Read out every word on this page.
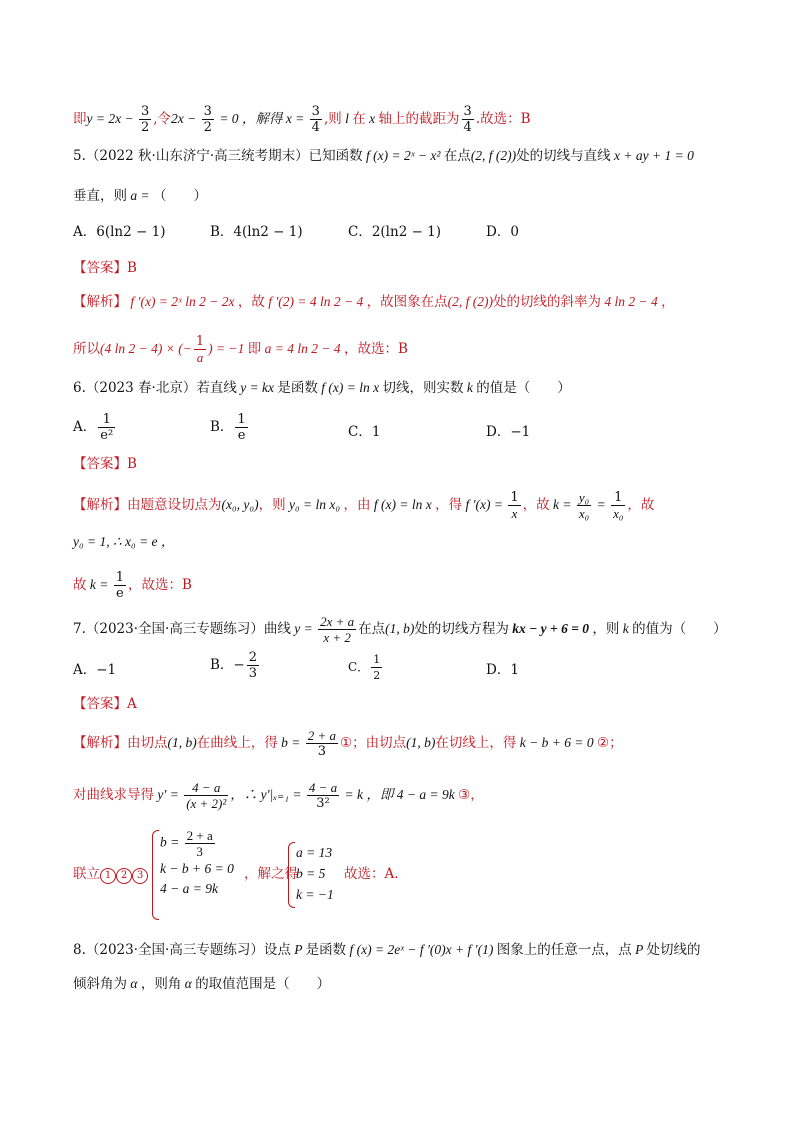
即$y = 2x - \frac{3}{2}$ ,令$2x - \frac{3}{2} = 0$ ，解得 $x = \frac{3}{4}$ ,则 l 在 x 轴上的截距为 $\frac{3}{4}$ .故选：B
5.（2022 秋·山东济宁·高三统考期末）已知函数 f (x) = 2ˣ − x² 在点(2, f (2))处的切线与直线 x + ay + 1 = 0
垂直，则 a = （　　）
A．6(ln2 − 1)	B．4(ln2 − 1)	C．2(ln2 − 1)	D．0
【答案】B
【解析】 f ′(x) = 2ˣ ln 2 − 2x ，故 f ′(2) = 4 ln 2 − 4 ，故图象在点(2, f (2))处的切线的斜率为 4 ln 2 − 4 ，
所以(4 ln 2 − 4) × (− $\frac{1}{a}$ ) = −1 即 a = 4 ln 2 − 4 ，故选：B
6.（2023 春·北京）若直线 y = kx 是函数 f (x) = ln x 切线，则实数 k 的值是（　　）
A． $\frac{1}{\text{e²}}$	B． $\frac{1}{e}$	C．1	D．−1
【答案】B
【解析】由题意设切点为(x₀, y₀)，则 y₀ = ln x₀ ，由 f (x) = ln x ，得 f $'(x) = \frac{1}{x}$ ，故 $k = \frac{\text{y₀}}{\text{x₀}} = \frac{1}{\text{x₀}}$ ，故
y₀ = 1, ∴ x₀ = e ，
故 $k = \frac{1}{e}$ ，故选：B
7.（2023·全国·高三专题练习）曲线 $y = \frac{2x + a}{x + 2}$ 在点(1, b)处的切线方程为 kx − y + 6 = 0 ，则 k 的值为（　　）
A．−1	B．− $\frac{2}{3}$	C． $\frac{1}{2}$	D．1
【答案】A
【解析】由切点(1, b)在曲线上，得 $b = \frac{2 + a}{3}$ ①；由切点(1, b)在切线上，得 k − b + 6 = 0 ②；
对曲线求导得 $y' = \frac{4 - a}{\text{(x + 2)²}}$ ，∴ $y'|_{x=1} = \frac{4 - a}{\text{3²}} = k$ ，即 4 − a = 9k ③，
联立 1 2 3
$b = \frac{2 + a}{3}$
k − b + 6 = 0
4 − a = 9k
，解之得
a = 13
b = 5
k = −1
故选：A.
8.（2023·全国·高三专题练习）设点 P 是函数 f (x) = 2eˣ − f ′(0)x + f ′(1) 图象上的任意一点，点 P 处切线的
倾斜角为 α ，则角 α 的取值范围是（　　）
